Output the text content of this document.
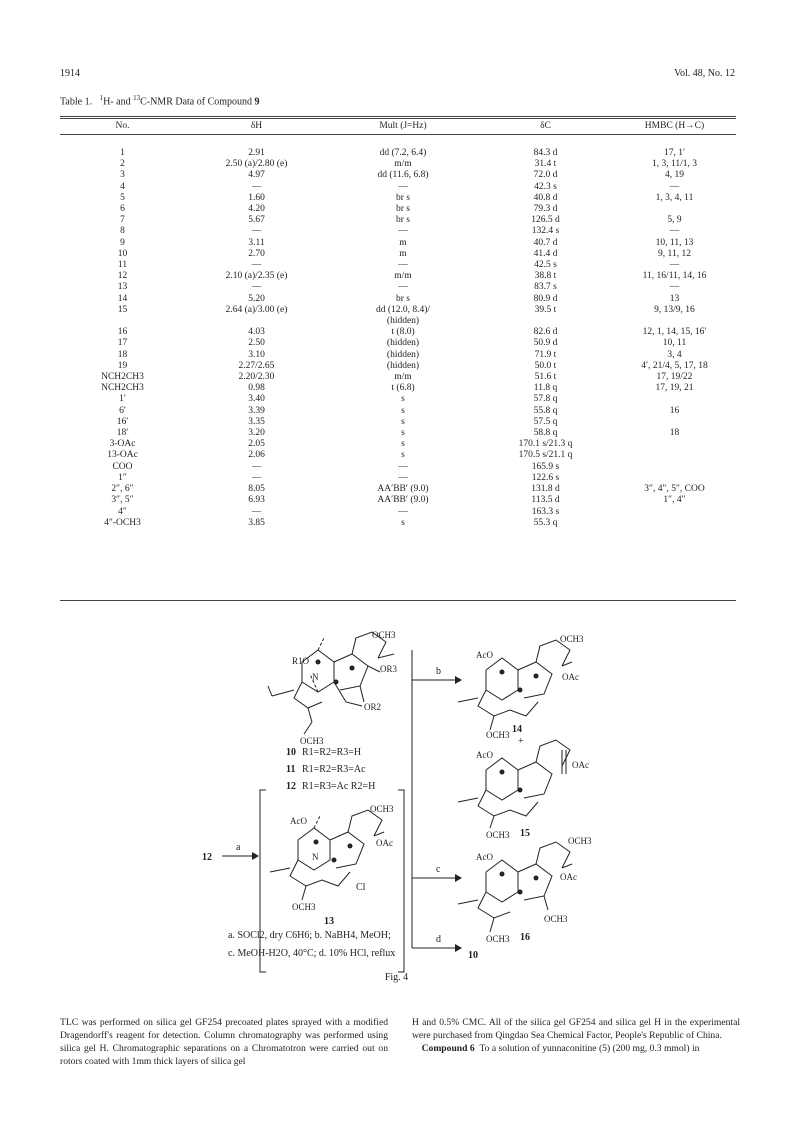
1914	Vol. 48, No. 12
Table 1. $^1$H- and $^{13}$C-NMR Data of Compound 9
No.	δH	Mult (J=Hz)	δC	HMBC (H→C)
1	2.91	dd (7.2, 6.4)	84.3 d	17, 1′
2	2.50 (a)/2.80 (e)	m/m	31.4 t	1, 3, 11/1, 3
3	4.97	dd (11.6, 6.8)	72.0 d	4, 19
4	—	—	42.3 s	—
5	1.60	br s	40.8 d	1, 3, 4, 11
6	4.20	br s	79.3 d	
7	5.67	br s	126.5 d	5, 9
8	—	—	132.4 s	—
9	3.11	m	40.7 d	10, 11, 13
10	2.70	m	41.4 d	9, 11, 12
11	—	—	42.5 s	—
12	2.10 (a)/2.35 (e)	m/m	38.8 t	11, 16/11, 14, 16
13	—	—	83.7 s	—
14	5.20	br s	80.9 d	13
15	2.64 (a)/3.00 (e)	dd (12.0, 8.4)/	39.5 t	9, 13/9, 16
		(hidden)		
16	4.03	t (8.0)	82.6 d	12, 1, 14, 15, 16′
17	2.50	(hidden)	50.9 d	10, 11
18	3.10	(hidden)	71.9 t	3, 4
19	2.27/2.65	(hidden)	50.0 t	4′, 21/4, 5, 17, 18
NCH2CH3	2.20/2.30	m/m	51.6 t	17, 19/22
NCH2CH3	0.98	t (6.8)	11.8 q	17, 19, 21
1′	3.40	s	57.8 q	
6′	3.39	s	55.8 q	16
16′	3.35	s	57.5 q	
18′	3.20	s	58.8 q	18
3-OAc	2.05	s	170.1 s/21.3 q	
13-OAc	2.06	s	170.5 s/21.1 q	
COO	—	—	165.9 s	
1″	—	—	122.6 s	
2″, 6″	8.05	AA′BB′ (9.0)	131.8 d	3″, 4″, 5″, COO
3″, 5″	6.93	AA′BB′ (9.0)	113.5 d	1″, 4″
4″	—	—	163.3 s	
4″-OCH3	3.85	s	55.3 q	
OCH3
R1O
OR3
N
OR2
OCH3
OCH3
AcO
OAc
N
OCH3
OCH3
AcO
OAc
OCH3
AcO
OAc
OCH3
OCH3
AcO
OAc
OCH3
OCH3
10 R1=R2=R3=H
11 R1=R2=R3=Ac
12 R1=R3=Ac R2=H
12
a
b
c
d
Cl
13
14
+
15
16
10
a. SOCl2, dry C6H6; b. NaBH4, MeOH;
c. MeOH-H2O, 40°C; d. 10% HCl, reflux
Fig. 4
TLC was performed on silica gel GF254 precoated plates sprayed with a modified Dragendorff's reagent for detection. Column chromatography was performed using silica gel H. Chromatographic separations on a Chromatotron were carried out on rotors coated with 1mm thick layers of silica gel
H and 0.5% CMC. All of the silica gel GF254 and silica gel H in the experimental were purchased from Qingdao Sea Chemical Factor, People's Republic of China.
Compound 6 To a solution of yunnaconitine (5) (200 mg, 0.3 mmol) in
